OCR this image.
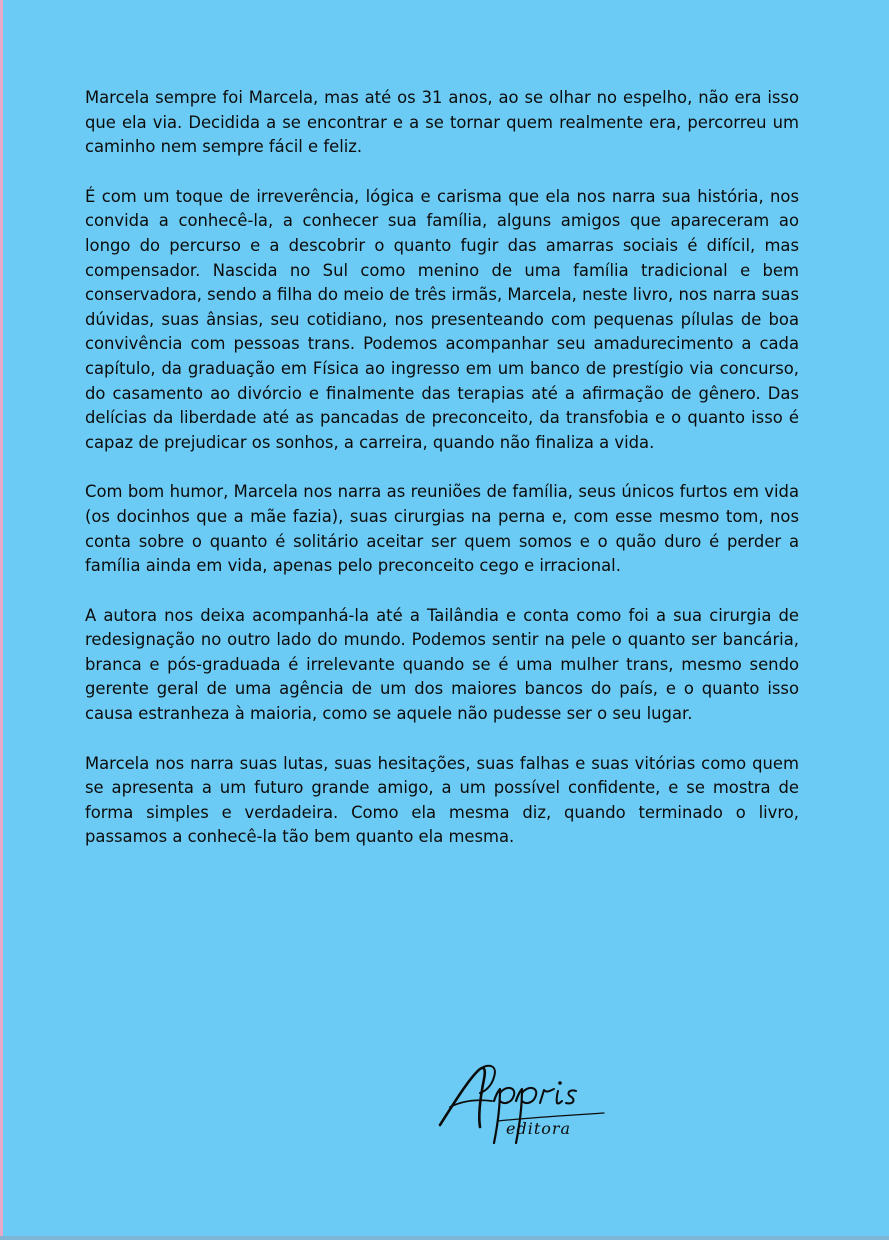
Marcela sempre foi Marcela, mas até os 31 anos, ao se olhar no espelho, não era isso que ela via. Decidida a se encontrar e a se tornar quem realmente era, percorreu um caminho nem sempre fácil e feliz.

É com um toque de irreverência, lógica e carisma que ela nos narra sua história, nos convida a conhecê-la, a conhecer sua família, alguns amigos que apareceram ao longo do percurso e a descobrir o quanto fugir das amarras sociais é difícil, mas compensador. Nascida no Sul como menino de uma família tradicional e bem conservadora, sendo a filha do meio de três irmãs, Marcela, neste livro, nos narra suas dúvidas, suas ânsias, seu cotidiano, nos presenteando com pequenas pílulas de boa convivência com pessoas trans. Podemos acompanhar seu amadurecimento a cada capítulo, da graduação em Física ao ingresso em um banco de prestígio via concurso, do casamento ao divórcio e finalmente das terapias até a afirmação de gênero. Das delícias da liberdade até as pancadas de preconceito, da transfobia e o quanto isso é capaz de prejudicar os sonhos, a carreira, quando não finaliza a vida.

Com bom humor, Marcela nos narra as reuniões de família, seus únicos furtos em vida (os docinhos que a mãe fazia), suas cirurgias na perna e, com esse mesmo tom, nos conta sobre o quanto é solitário aceitar ser quem somos e o quão duro é perder a família ainda em vida, apenas pelo preconceito cego e irracional.

A autora nos deixa acompanhá-la até a Tailândia e conta como foi a sua cirurgia de redesignação no outro lado do mundo. Podemos sentir na pele o quanto ser bancária, branca e pós-graduada é irrelevante quando se é uma mulher trans, mesmo sendo gerente geral de uma agência de um dos maiores bancos do país, e o quanto isso causa estranheza à maioria, como se aquele não pudesse ser o seu lugar.

Marcela nos narra suas lutas, suas hesitações, suas falhas e suas vitórias como quem se apresenta a um futuro grande amigo, a um possível confidente, e se mostra de forma simples e verdadeira. Como ela mesma diz, quando terminado o livro, passamos a conhecê-la tão bem quanto ela mesma.

editora
